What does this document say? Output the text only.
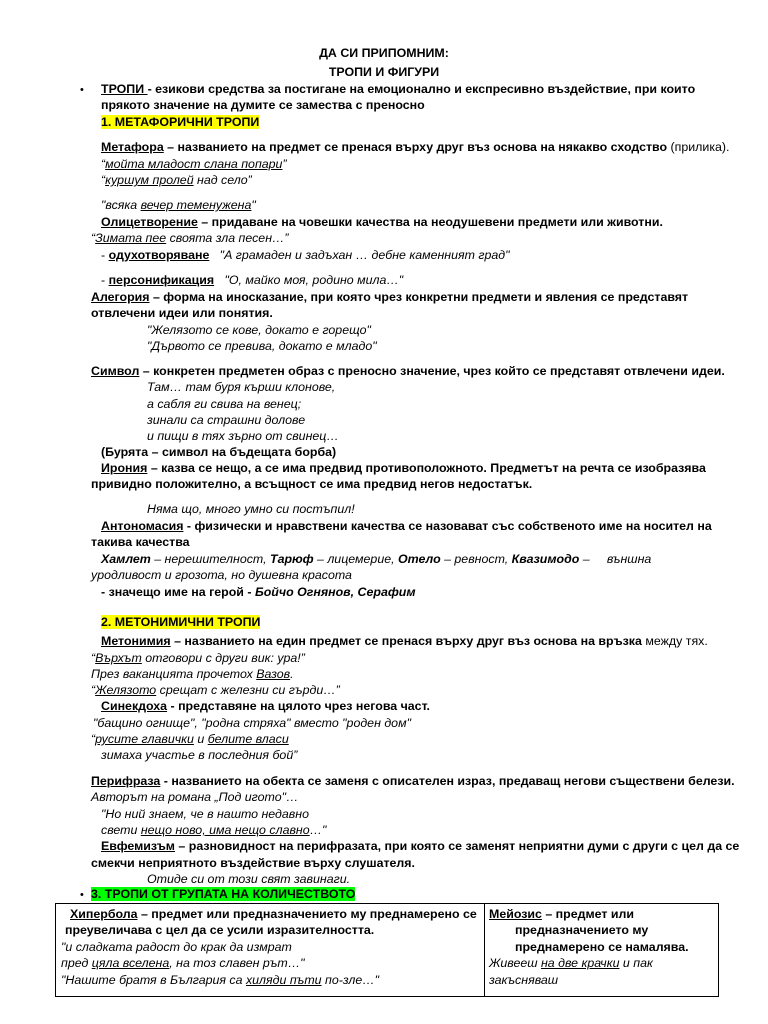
ДА СИ ПРИПОМНИМ:
ТРОПИ И ФИГУРИ
• ТРОПИ - езикови средства за постигане на емоционално и експресивно въздействие, при които
прякото значение на думите се замества с преносно
1. МЕТАФОРИЧНИ ТРОПИ
Метафора – названието на предмет се пренася върху друг въз основа на някакво сходство (прилика).
“мойта младост слана попари”
“куршум пролей над село”
"всяка вечер теменужена"
Олицетворение – придаване на човешки качества на неодушевени предмети или животни.
“Зимата пее своята зла песен…”
- одухотворяване "А грамаден и задъхан … дебне каменният град"
- персонификация "О, майко моя, родино мила…"
Алегория – форма на иносказание, при която чрез конкретни предмети и явления се представят
отвлечени идеи или понятия.
"Желязото се кове, докато е горещо"
"Дървото се превива, докато е младо"
Символ – конкретен предметен образ с преносно значение, чрез който се представят отвлечени идеи.
Там… там буря кърши клонове,
а сабля ги свива на венец;
зинали са страшни долове
и пищи в тях зърно от свинец…
(Бурята – символ на бъдещата борба)
Ирония – казва се нещо, а се има предвид противоположното. Предметът на речта се изобразява
привидно положително, а всъщност се има предвид негов недостатък.
Няма що, много умно си постъпил!
Антономасия - физически и нравствени качества се назовават със собственото име на носител на
такива качества
Хамлет – нерешителност, Тарюф – лицемерие, Отело – ревност, Квазимодо –     външна
уродливост и грозота, но душевна красота
- значещо име на герой - Бойчо Огнянов, Серафим
2. МЕТОНИМИЧНИ ТРОПИ
Метонимия – названието на един предмет се пренася върху друг въз основа на връзка между тях.
“Върхът отговори с други вик: ура!”
През ваканцията прочетох Вазов.
“Желязото срещат с железни си гърди…”
Синекдоха - представяне на цялото чрез негова част.
"бащино огнище", "родна стряха" вместо "роден дом"
“русите главички и белите власи
зимаха участье в последния бой”
Перифраза - названието на обекта се заменя с описателен израз, предаващ негови съществени белези.
Авторът на романа „Под игото"…
"Но ний знаем, че в нашто недавно
свети нещо ново, има нещо славно…"
Евфемизъм – разновидност на перифразата, при която се заменят неприятни думи с други с цел да се
смекчи неприятното въздействие върху слушателя.
Отиде си от този свят завинаги.
• 3. ТРОПИ ОТ ГРУПАТА НА КОЛИЧЕСТВОТО
Хипербола – предмет или предназначението му преднамерено се
преувеличава с цел да се усили изразителността.
"и сладката радост до крак да измрат
пред цяла вселена, на тоз славен рът…"
"Нашите братя в България са хиляди пъти по-зле…"

Мейозис – предмет или
предназначението му
преднамерено се намалява.
Живееш на две крачки и пак
закъсняваш
